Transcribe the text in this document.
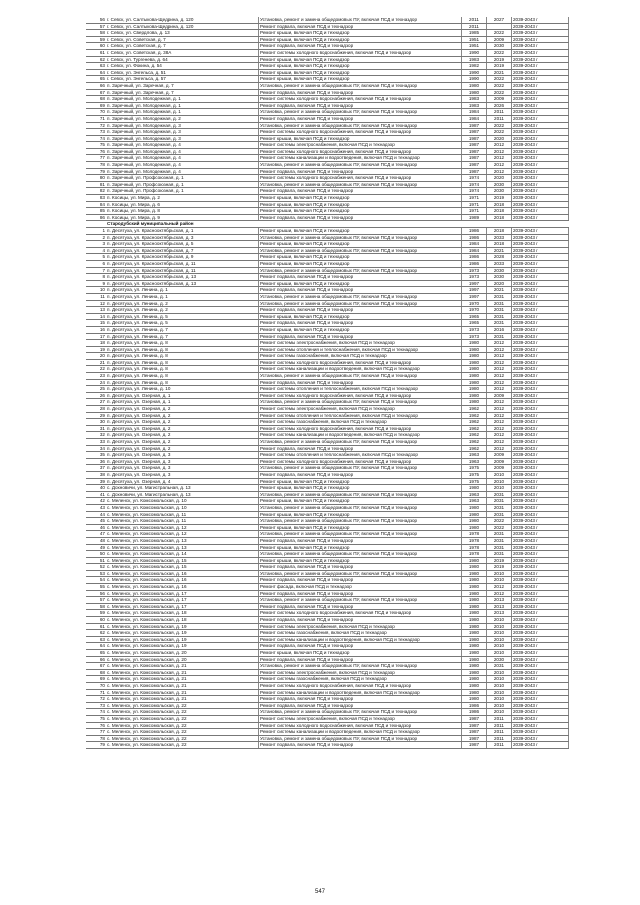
56	г. Севск, ул. Салтыкова-Щедрина, д. 120	Установка, ремонт и замена общедомовых ПУ, включая ПСД и техназдор	2011	2027	2039-2043 г
57	г. Севск, ул. Салтыкова-Щедрина, д. 120	Ремонт подвала, включая ПСД и технадзор	2011		2039-2043 г
58	г. Севск, ул. Свердлова, д. 13	Ремонт крыши, включая ПСД и технадзор	1985	2022	2039-2043 г
59	г. Севск, ул. Советская, д. 7	Ремонт крыши, включая ПСД и технадзор	1951	2009	2039-2043 г
60	г. Севск, ул. Советская, д. 7	Ремонт подвала, включая ПСД и технадзор	1951	2030	2039-2043 г
61	г. Севск, ул. Советская, д. 38А	Ремонт системы холодного водоснабжения, включая ПСД и технадзор	1990	2022	2039-2043 г
62	г. Севск, ул. Тургенева, д. 64	Ремонт крыши, включая ПСД и технадзор	1983	2019	2039-2043 г
63	г. Севск, ул. Фокина, д. 54	Ремонт крыши, включая ПСД и технадзор	1982	2019	2039-2043 г
64	г. Севск, ул. Энгельса, д. 51	Ремонт крыши, включая ПСД и технадзор	1990	2021	2039-2043 г
65	г. Севск, ул. Энгельса, д. 57	Ремонт крыши, включая ПСД и технадзор	1990	2022	2039-2043 г
66	п. Заречный, ул. Заречная, д. 7	Установка, ремонт и замена общедомовых ПУ, включая ПСД и технадзор	1980	2022	2039-2043 г
67	п. Заречный, ул. Заречная, д. 7	Ремонт подвала, включая ПСД и технадзор	1980	2022	2039-2043 г
68	п. Заречный, ул. Молодежная, д. 1	Ремонт системы холодного водоснабжения, включая ПСД и технадзор	1983	2009	2039-2043 г
69	п. Заречный, ул. Молодежная, д. 1	Ремонт подвала, включая ПСД и технадзор	1983	2026	2039-2043 г
70	п. Заречный, ул. Молодежная, д. 1	Установка, ремонт и замена общедомовых ПУ, включая ПСД и технадзор	1984	2011	2039-2043 г
71	п. Заречный, ул. Молодежная, д. 2	Ремонт подвала, включая ПСД и технадзор	1984	2011	2039-2043 г
72	п. Заречный, ул. Молодежная, д. 3	Установка, ремонт и замена общедомовых ПУ, включая ПСД и технадзор	1987	2022	2039-2043 г
73	п. Заречный, ул. Молодежная, д. 3	Ремонт системы холодного водоснабжения, включая ПСД и технадзор	1987	2022	2039-2043 г
74	п. Заречный, ул. Молодежная, д. 3	Ремонт крыши, включая ПСД и технадзор	1987	2020	2039-2043 г
75	п. Заречный, ул. Молодежная, д. 4	Ремонт системы электроснабжения, включая ПСД и технадзор	1987	2012	2039-2043 г
76	п. Заречный, ул. Молодежная, д. 4	Ремонт системы холодного водоснабжения, включая ПСД и технадзор	1987	2012	2039-2043 г
77	п. Заречный, ул. Молодежная, д. 4	Ремонт системы канализации и водоотведения, включая ПСД и технадзор	1987	2012	2039-2043 г
78	п. Заречный, ул. Молодежная, д. 4	Установка, ремонт и замена общедомовых ПУ, включая ПСД и технадзор	1987	2012	2039-2043 г
79	п. Заречный, ул. Молодежная, д. 4	Ремонт подвала, включая ПСД и технадзор	1987	2012	2039-2043 г
80	п. Заречный, ул. Профсоюзная, д. 1	Ремонт системы холодного водоснабжения, включая ПСД и технадзор	1974	2020	2039-2043 г
81	п. Заречный, ул. Профсоюзная, д. 1	Установка, ремонт и замена общедомовых ПУ, включая ПСД и технадзор	1974	2030	2039-2043 г
82	п. Заречный, ул. Профсоюзная, д. 1	Ремонт подвала, включая ПСД и технадзор	1974	2030	2039-2043 г
83	п. Косицы, ул. Мира, д. 2	Ремонт крыши, включая ПСД и технадзор	1971	2019	2039-2043 г
84	п. Косицы, ул. Мира, д. 6	Ремонт крыши, включая ПСД и технадзор	1971	2018	2039-2043 г
85	п. Косицы, ул. Мира, д. 8	Ремонт крыши, включая ПСД и технадзор	1971	2018	2039-2043 г
86	п. Косицы, ул. Мира, д. 9	Ремонт подвала, включая ПСД и технадзор	1989	2018	2039-2043 г
	Стародубский муниципальный район				
1	п. Десятуха, ул. Краснооктябрьская, д. 1	Ремонт крыши, включая ПСД и технадзор	1986	2018	2039-2043 г
2	п. Десятуха, ул. Краснооктябрьская, д. 3	Установка, ремонт и замена общедомовых ПУ, включая ПСД и технадзор	1986	2033	2039-2043 г
3	п. Десятуха, ул. Краснооктябрьская, д. 5	Ремонт крыши, включая ПСД и технадзор	1984	2018	2039-2043 г
4	п. Десятуха, ул. Краснооктябрьская, д. 7	Установка, ремонт и замена общедомовых ПУ, включая ПСД и технадзор	1984	2021	2039-2043 г
5	п. Десятуха, ул. Краснооктябрьская, д. 9	Ремонт крыши, включая ПСД и технадзор	1986	2028	2039-2043 г
6	п. Десятуха, ул. Краснооктябрьская, д. 11	Ремонт крыши, включая ПСД и технадзор	1986	2033	2039-2043 г
7	п. Десятуха, ул. Краснооктябрьская, д. 11	Установка, ремонт и замена общедомовых ПУ, включая ПСД и технадзор	1973	2030	2039-2043 г
8	п. Десятуха, ул. Краснооктябрьская, д. 13	Ремонт подвала, включая ПСД и технадзор	1973	2030	2039-2043 г
9	п. Десятуха, ул. Краснооктябрьская, д. 13	Ремонт крыши, включая ПСД и технадзор	1997	2020	2039-2043 г
10	п. Десятуха, ул. Ленина, д. 1	Ремонт подвала, включая ПСД и технадзор	1997	2021	2039-2043 г
11	п. Десятуха, ул. Ленина, д. 1	Установка, ремонт и замена общедомовых ПУ, включая ПСД и технадзор	1997	2031	2039-2043 г
12	п. Десятуха, ул. Ленина, д. 2	Установка, ремонт и замена общедомовых ПУ, включая ПСД и технадзор	1970	2031	2039-2043 г
13	п. Десятуха, ул. Ленина, д. 2	Ремонт подвала, включая ПСД и технадзор	1970	2031	2039-2043 г
14	п. Десятуха, ул. Ленина, д. 5	Ремонт крыши, включая ПСД и технадзор	1965	2031	2039-2043 г
15	п. Десятуха, ул. Ленина, д. 5	Ремонт подвала, включая ПСД и технадзор	1965	2031	2039-2043 г
16	п. Десятуха, ул. Ленина, д. 7	Ремонт крыши, включая ПСД и технадзор	1973	2016	2039-2043 г
17	п. Десятуха, ул. Ленина, д. 7	Ремонт подвала, включая ПСД и технадзор	1973	2031	2039-2043 г
18	п. Десятуха, ул. Ленина, д. 8	Ремонт системы электроснабжения, включая ПСД и технадзор	1980	2012	2039-2043 г
19	п. Десятуха, ул. Ленина, д. 8	Ремонт системы отопления и теплоснабжения, включая ПСД и технадзор	1980	2012	2039-2043 г
20	п. Десятуха, ул. Ленина, д. 8	Ремонт системы газоснабжения, включая ПСД и технадзор	1980	2012	2039-2043 г
21	п. Десятуха, ул. Ленина, д. 8	Ремонт системы холодного водоснабжения, включая ПСД и технадзор	1980	2012	2039-2043 г
22	п. Десятуха, ул. Ленина, д. 8	Ремонт системы канализации и водоотведения, включая ПСД и технадзор	1980	2012	2039-2043 г
23	п. Десятуха, ул. Ленина, д. 8	Установка, ремонт и замена общедомовых ПУ, включая ПСД и технадзор	1980	2012	2039-2043 г
24	п. Десятуха, ул. Ленина, д. 8	Ремонт подвала, включая ПСД и технадзор	1980	2012	2039-2043 г
25	п. Десятуха, ул. Ленина, д. 10	Ремонт системы отопления и теплоснабжения, включая ПСД и технадзор	1980	2012	2039-2043 г
26	п. Десятуха, ул. Озерная, д. 1	Ремонт системы холодного водоснабжения, включая ПСД и технадзор	1980	2009	2039-2043 г
27	п. Десятуха, ул. Озерная, д. 1	Установка, ремонт и замена общедомовых ПУ, включая ПСД и технадзор	1980	2012	2039-2043 г
28	п. Десятуха, ул. Озерная, д. 2	Ремонт системы электроснабжения, включая ПСД и технадзор	1962	2012	2039-2043 г
29	п. Десятуха, ул. Озерная, д. 2	Ремонт системы отопления и теплоснабжения, включая ПСД и технадзор	1962	2012	2039-2043 г
30	п. Десятуха, ул. Озерная, д. 2	Ремонт системы газоснабжения, включая ПСД и технадзор	1962	2012	2039-2043 г
31	п. Десятуха, ул. Озерная, д. 2	Ремонт системы холодного водоснабжения, включая ПСД и технадзор	1962	2012	2039-2043 г
32	п. Десятуха, ул. Озерная, д. 2	Ремонт системы канализации и водоотведения, включая ПСД и технадзор	1962	2012	2039-2043 г
33	п. Десятуха, ул. Озерная, д. 2	Установка, ремонт и замена общедомовых ПУ, включая ПСД и технадзор	1962	2012	2039-2043 г
34	п. Десятуха, ул. Озерная, д. 2	Ремонт подвала, включая ПСД и технадзор	1962	2012	2039-2043 г
35	п. Десятуха, ул. Озерная, д. 3	Ремонт системы отопления и теплоснабжения, включая ПСД и технадзор	1963	2009	2039-2043 г
36	п. Десятуха, ул. Озерная, д. 3	Ремонт системы холодного водоснабжения, включая ПСД и технадзор	1963	2009	2039-2043 г
37	п. Десятуха, ул. Озерная, д. 3	Установка, ремонт и замена общедомовых ПУ, включая ПСД и технадзор	1975	2009	2039-2043 г
38	п. Десятуха, ул. Озерная, д. 3	Ремонт подвала, включая ПСД и технадзор	1975	2010	2039-2043 г
39	п. Десятуха, ул. Озерная, д. 4	Ремонт крыши, включая ПСД и технадзор	1975	2010	2039-2043 г
40	с. Дохновичи, ул. Магистральная, д. 13	Ремонт крыши, включая ПСД и технадзор	1980	2010	2039-2043 г
41	с. Дохновичи, ул. Магистральная, д. 13	Установка, ремонт и замена общедомовых ПУ, включая ПСД и технадзор	1963	2031	2039-2043 г
42	с. Меленск, ул. Комсомольская, д. 10	Ремонт крыши, включая ПСД и технадзор	1963	2031	2039-2043 г
43	с. Меленск, ул. Комсомольская, д. 10	Установка, ремонт и замена общедомовых ПУ, включая ПСД и технадзор	1980	2031	2039-2043 г
44	с. Меленск, ул. Комсомольская, д. 11	Ремонт крыши, включая ПСД и технадзор	1980	2031	2039-2043 г
45	с. Меленск, ул. Комсомольская, д. 11	Установка, ремонт и замена общедомовых ПУ, включая ПСД и технадзор	1980	2022	2039-2043 г
46	с. Меленск, ул. Комсомольская, д. 12	Ремонт крыши, включая ПСД и технадзор	1980	2022	2039-2043 г
47	с. Меленск, ул. Комсомольская, д. 12	Установка, ремонт и замена общедомовых ПУ, включая ПСД и технадзор	1978	2031	2039-2043 г
48	с. Меленск, ул. Комсомольская, д. 13	Ремонт подвала, включая ПСД и технадзор	1978	2031	2039-2043 г
49	с. Меленск, ул. Комсомольская, д. 13	Ремонт крыши, включая ПСД и технадзор	1978	2031	2039-2043 г
50	с. Меленск, ул. Комсомольская, д. 14	Установка, ремонт и замена общедомовых ПУ, включая ПСД и технадзор	1978	2031	2039-2043 г
51	с. Меленск, ул. Комсомольская, д. 15	Ремонт крыши, включая ПСД и технадзор	1980	2019	2039-2043 г
52	с. Меленск, ул. Комсомольская, д. 15	Ремонт подвала, включая ПСД и технадзор	1980	2019	2039-2043 г
53	с. Меленск, ул. Комсомольская, д. 16	Установка, ремонт и замена общедомовых ПУ, включая ПСД и технадзор	1980	2010	2039-2043 г
54	с. Меленск, ул. Комсомольская, д. 16	Ремонт подвала, включая ПСД и технадзор	1980	2010	2039-2043 г
55	с. Меленск, ул. Комсомольская, д. 16	Ремонт фасада, включая ПСД и технадзор	1980	2012	2039-2043 г
56	с. Меленск, ул. Комсомольская, д. 17	Ремонт подвала, включая ПСД и технадзор	1980	2012	2039-2043 г
57	с. Меленск, ул. Комсомольская, д. 17	Установка, ремонт и замена общедомовых ПУ, включая ПСД и технадзор	1980	2013	2039-2043 г
58	с. Меленск, ул. Комсомольская, д. 17	Ремонт подвала, включая ПСД и технадзор	1980	2013	2039-2043 г
59	с. Меленск, ул. Комсомольская, д. 18	Ремонт системы холодного водоснабжения, включая ПСД и технадзор	1980	2013	2039-2043 г
60	с. Меленск, ул. Комсомольская, д. 18	Ремонт подвала, включая ПСД и технадзор	1980	2010	2039-2043 г
61	с. Меленск, ул. Комсомольская, д. 19	Ремонт системы электроснабжения, включая ПСД и технадзор	1980	2010	2039-2043 г
62	с. Меленск, ул. Комсомольская, д. 19	Ремонт системы газоснабжения, включая ПСД и технадзор	1980	2010	2039-2043 г
63	с. Меленск, ул. Комсомольская, д. 19	Ремонт системы канализации и водоотведения, включая ПСД и технадзор	1980	2010	2039-2043 г
64	с. Меленск, ул. Комсомольская, д. 19	Ремонт подвала, включая ПСД и технадзор	1980	2010	2039-2043 г
65	с. Меленск, ул. Комсомольская, д. 20	Ремонт крыши, включая ПСД и технадзор	1980	2010	2039-2043 г
66	с. Меленск, ул. Комсомольская, д. 20	Ремонт подвала, включая ПСД и технадзор	1980	2030	2039-2043 г
67	с. Меленск, ул. Комсомольская, д. 21	Установка, ремонт и замена общедомовых ПУ, включая ПСД и технадзор	1980	2031	2039-2043 г
68	с. Меленск, ул. Комсомольская, д. 21	Ремонт системы электроснабжения, включая ПСД и технадзор	1980	2010	2039-2043 г
69	с. Меленск, ул. Комсомольская, д. 21	Ремонт системы газоснабжения, включая ПСД и технадзор	1980	2010	2039-2043 г
70	с. Меленск, ул. Комсомольская, д. 21	Ремонт системы холодного водоснабжения, включая ПСД и технадзор	1980	2010	2039-2043 г
71	с. Меленск, ул. Комсомольская, д. 21	Ремонт системы канализации и водоотведения, включая ПСД и технадзор	1980	2010	2039-2043 г
72	с. Меленск, ул. Комсомольская, д. 21	Ремонт подвала, включая ПСД и технадзор	1980	2010	2039-2043 г
73	с. Меленск, ул. Комсомольская, д. 22	Ремонт подвала, включая ПСД и технадзор	1986	2010	2039-2043 г
74	с. Меленск, ул. Комсомольская, д. 22	Установка, ремонт и замена общедомовых ПУ, включая ПСД и технадзор	1986	2010	2039-2043 г
75	с. Меленск, ул. Комсомольская, д. 22	Ремонт системы электроснабжения, включая ПСД и технадзор	1987	2011	2039-2043 г
76	с. Меленск, ул. Комсомольская, д. 22	Ремонт системы холодного водоснабжения, включая ПСД и технадзор	1987	2011	2039-2043 г
77	с. Меленск, ул. Комсомольская, д. 22	Ремонт системы канализации и водоотведения, включая ПСД и технадзор	1987	2011	2039-2043 г
78	с. Меленск, ул. Комсомольская, д. 22	Установка, ремонт и замена общедомовых ПУ, включая ПСД и технадзор	1987	2011	2039-2043 г
79	с. Меленск, ул. Комсомольская, д. 22	Ремонт подвала, включая ПСД и технадзор	1987	2011	2039-2043 г
547
